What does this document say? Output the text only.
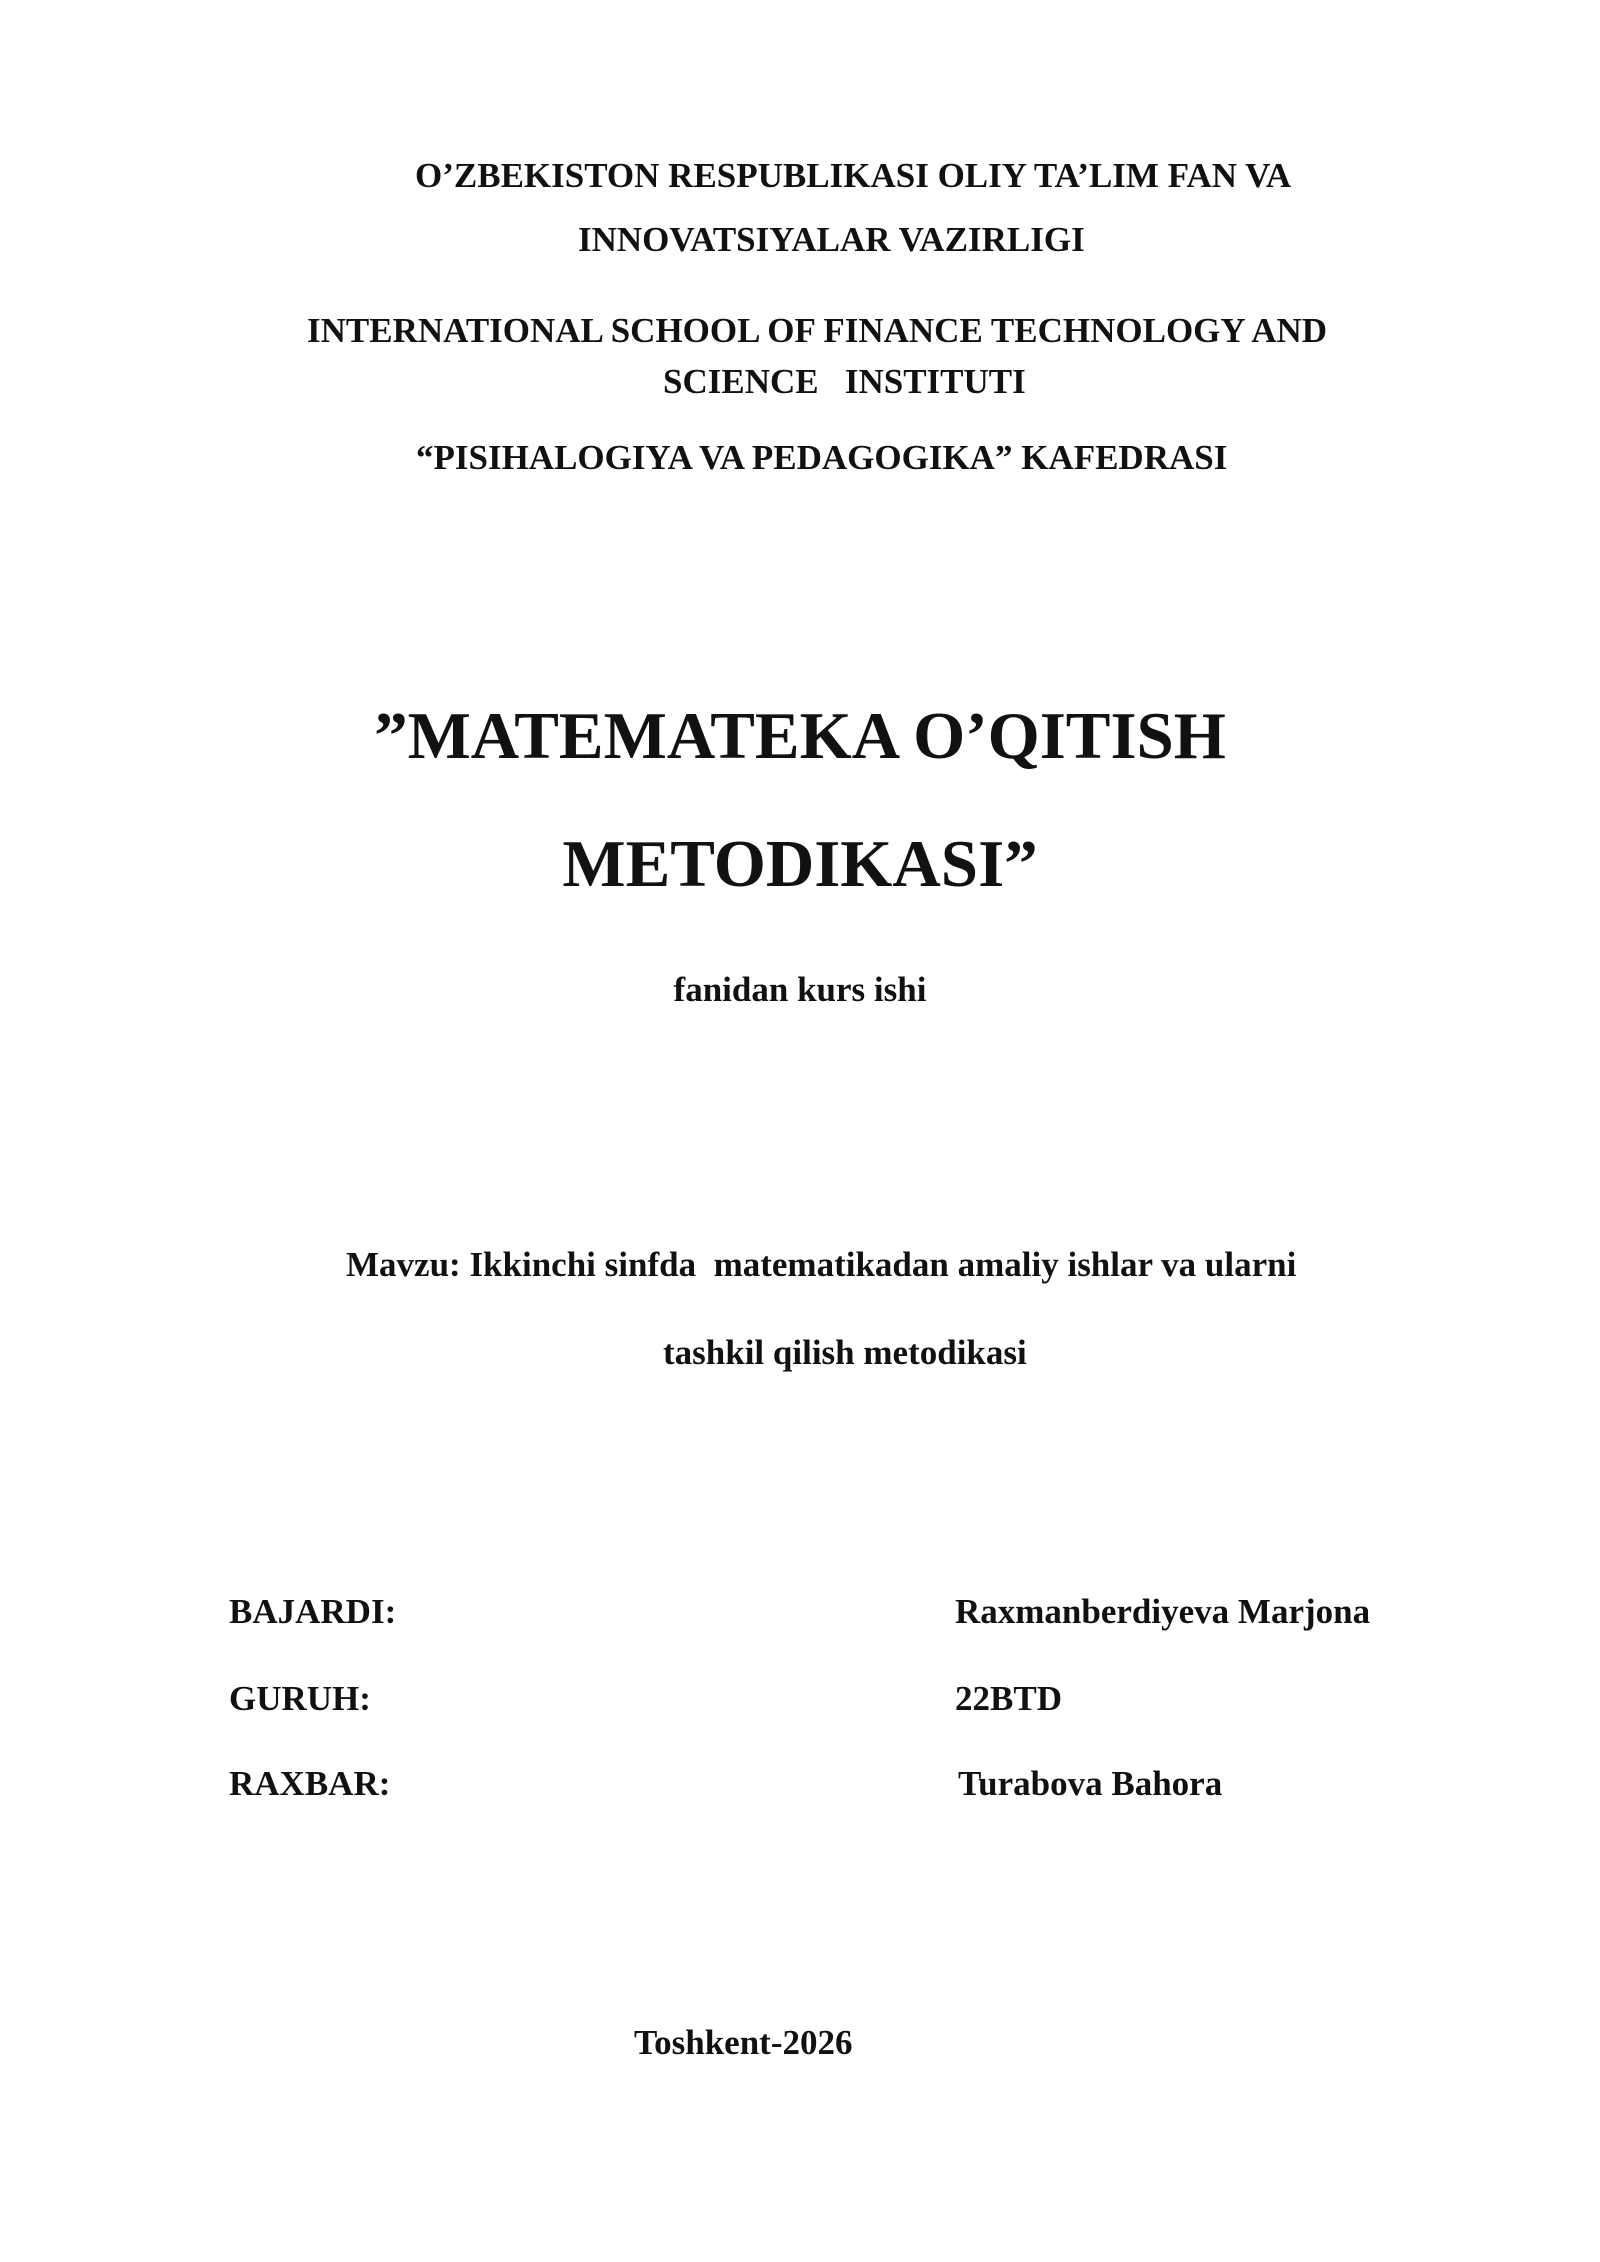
O’ZBEKISTON RESPUBLIKASI OLIY TA’LIM FAN VA
INNOVATSIYALAR VAZIRLIGI
INTERNATIONAL SCHOOL OF FINANCE TECHNOLOGY AND
SCIENCE   INSTITUTI
“PISIHALOGIYA VA PEDAGOGIKA” KAFEDRASI
”MATEMATEKA O’QITISH
METODIKASI”
fanidan kurs ishi
Mavzu: Ikkinchi sinfda  matematikadan amaliy ishlar va ularni
tashkil qilish metodikasi
BAJARDI:	Raxmanberdiyeva Marjona
GURUH:	22BTD
RAXBAR:	Turabova Bahora
Toshkent-2026
